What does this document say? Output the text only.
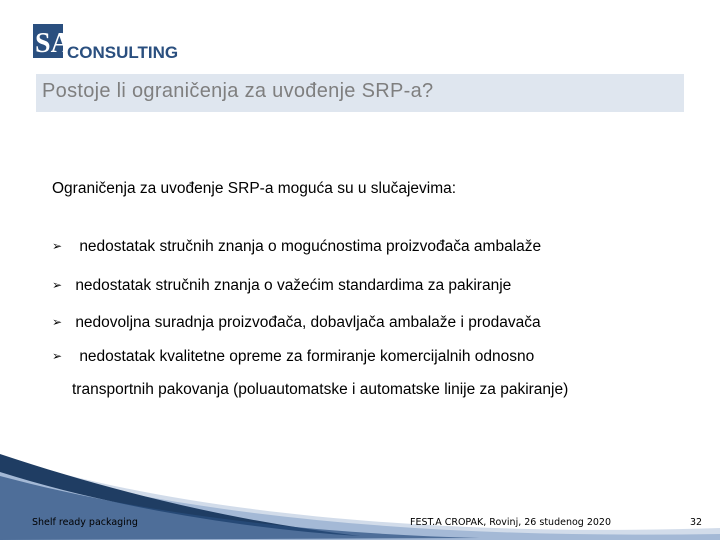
SA
CONSULTING
Postoje li ograničenja za uvođenje SRP-a?
Ograničenja za uvođenje SRP-a moguća su u slučajevima:
➢ nedostatak stručnih znanja o mogućnostima proizvođača ambalaže
➢ nedostatak stručnih znanja o važećim standardima za pakiranje
➢ nedovoljna suradnja proizvođača, dobavljača ambalaže i prodavača
➢ nedostatak kvalitetne opreme za formiranje komercijalnih odnosno
transportnih pakovanja (poluautomatske i automatske linije za pakiranje)
Shelf ready packaging	FEST.A CROPAK, Rovinj, 26 studenog 2020	32
